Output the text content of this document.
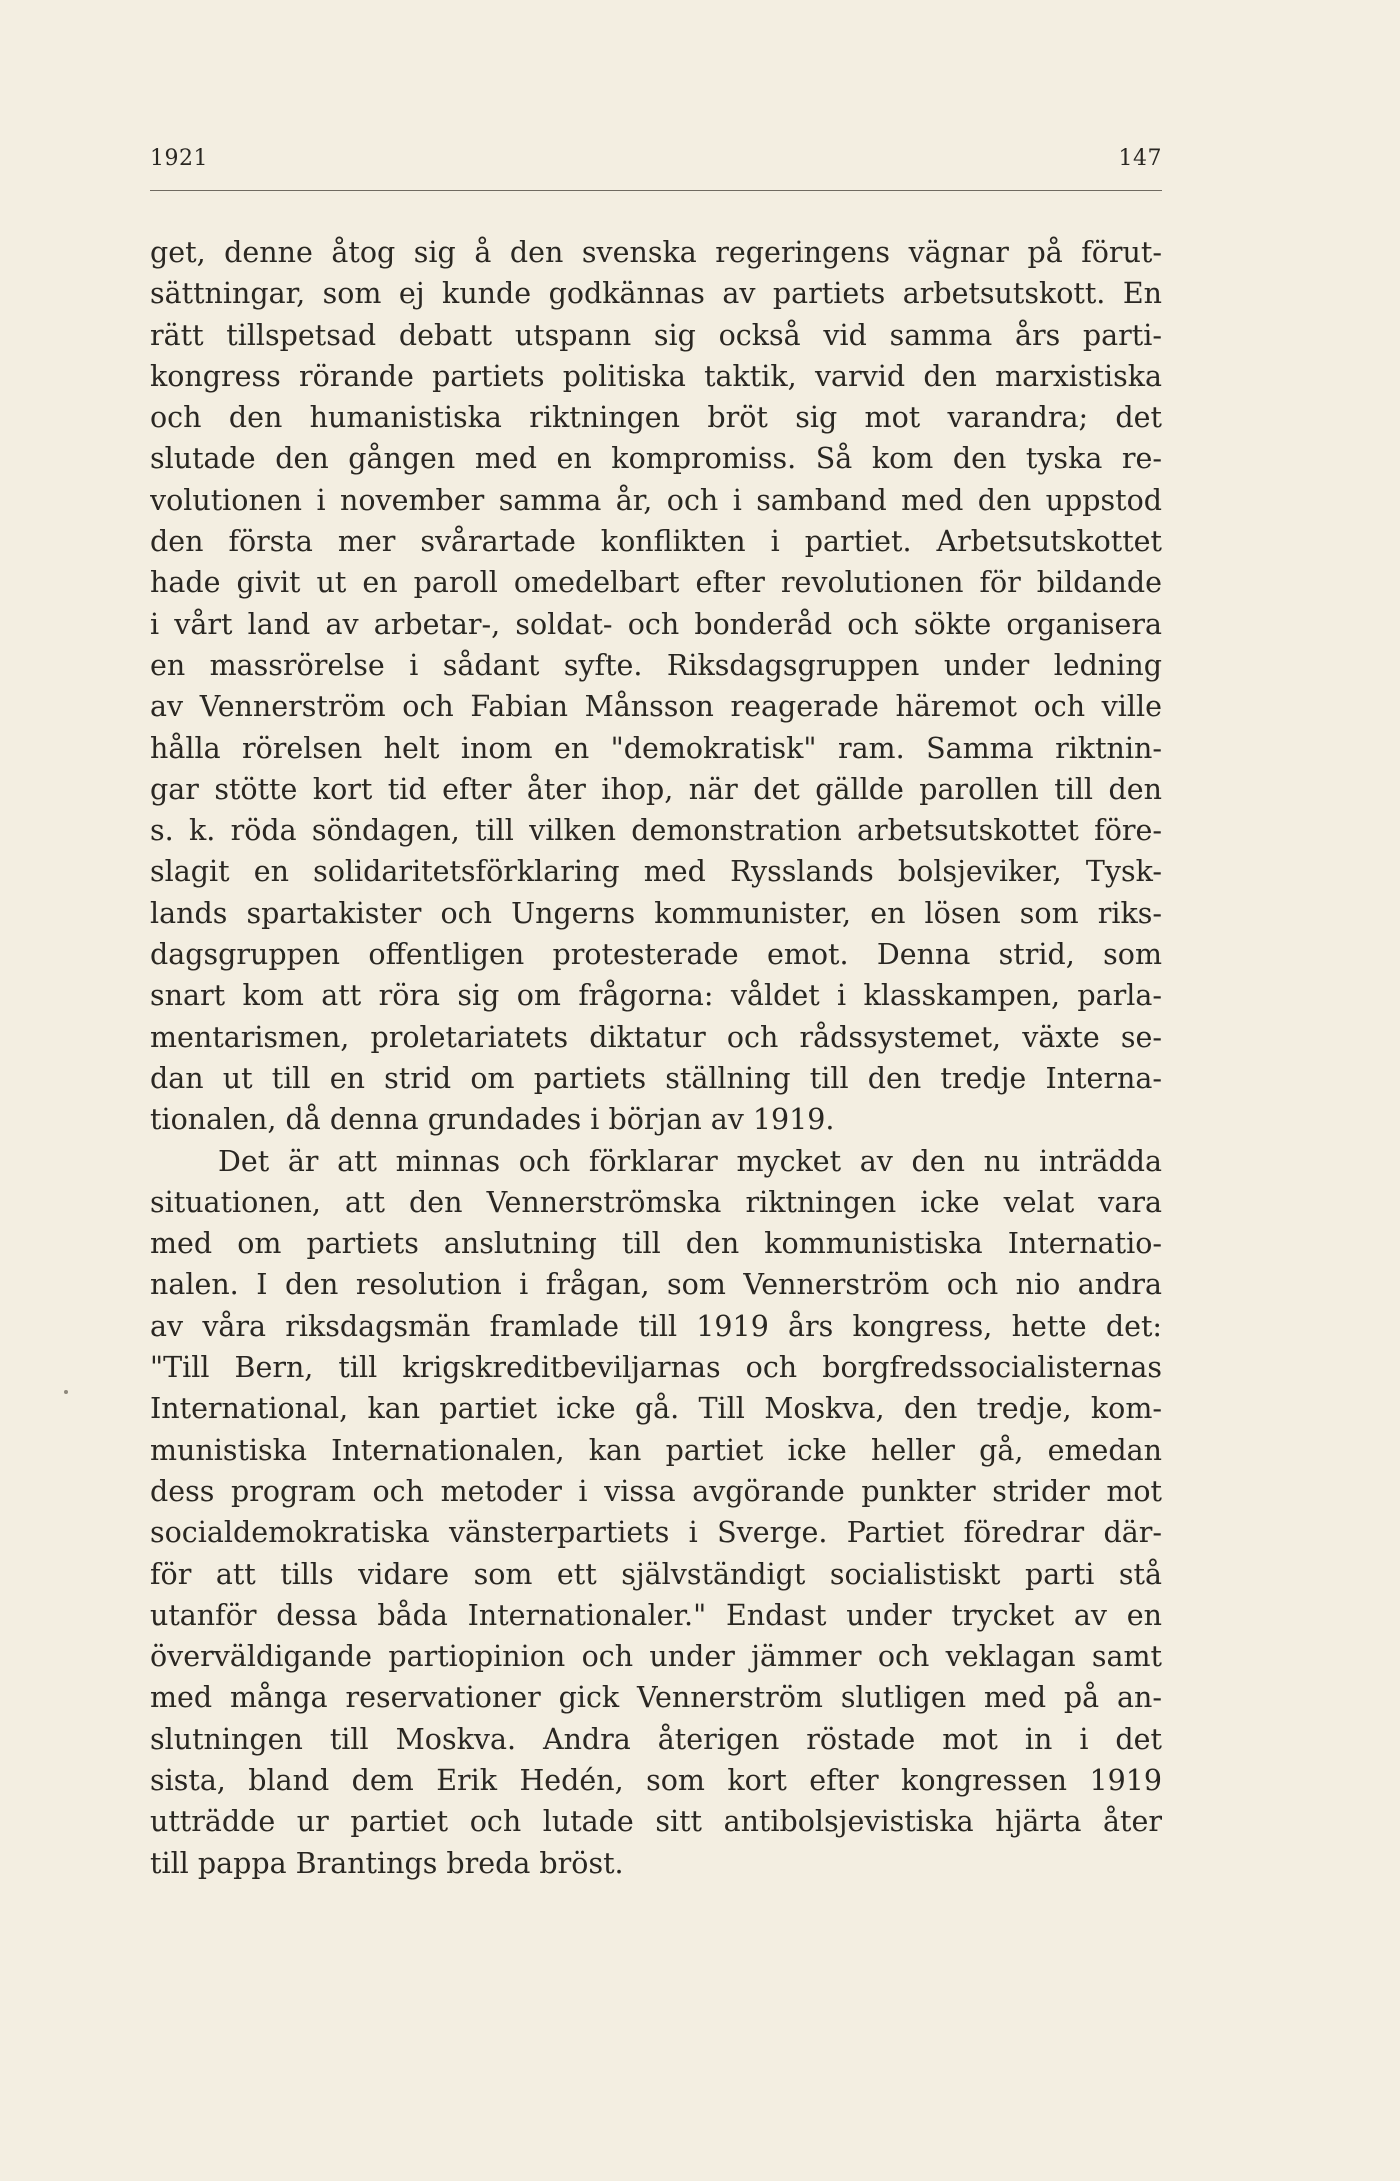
1921	147
get, denne åtog sig å den svenska regeringens vägnar på förut-
sättningar, som ej kunde godkännas av partiets arbetsutskott. En
rätt tillspetsad debatt utspann sig också vid samma års parti-
kongress rörande partiets politiska taktik, varvid den marxistiska
och den humanistiska riktningen bröt sig mot varandra; det
slutade den gången med en kompromiss. Så kom den tyska re-
volutionen i november samma år, och i samband med den uppstod
den första mer svårartade konflikten i partiet. Arbetsutskottet
hade givit ut en paroll omedelbart efter revolutionen för bildande
i vårt land av arbetar-, soldat- och bonderåd och sökte organisera
en massrörelse i sådant syfte. Riksdagsgruppen under ledning
av Vennerström och Fabian Månsson reagerade häremot och ville
hålla rörelsen helt inom en "demokratisk" ram. Samma riktnin-
gar stötte kort tid efter åter ihop, när det gällde parollen till den
s. k. röda söndagen, till vilken demonstration arbetsutskottet före-
slagit en solidaritetsförklaring med Rysslands bolsjeviker, Tysk-
lands spartakister och Ungerns kommunister, en lösen som riks-
dagsgruppen offentligen protesterade emot. Denna strid, som
snart kom att röra sig om frågorna: våldet i klasskampen, parla-
mentarismen, proletariatets diktatur och rådssystemet, växte se-
dan ut till en strid om partiets ställning till den tredje Interna-
tionalen, då denna grundades i början av 1919.
Det är att minnas och förklarar mycket av den nu inträdda
situationen, att den Vennerströmska riktningen icke velat vara
med om partiets anslutning till den kommunistiska Internatio-
nalen. I den resolution i frågan, som Vennerström och nio andra
av våra riksdagsmän framlade till 1919 års kongress, hette det:
"Till Bern, till krigskreditbeviljarnas och borgfredssocialisternas
International, kan partiet icke gå. Till Moskva, den tredje, kom-
munistiska Internationalen, kan partiet icke heller gå, emedan
dess program och metoder i vissa avgörande punkter strider mot
socialdemokratiska vänsterpartiets i Sverge. Partiet föredrar där-
för att tills vidare som ett självständigt socialistiskt parti stå
utanför dessa båda Internationaler." Endast under trycket av en
överväldigande partiopinion och under jämmer och veklagan samt
med många reservationer gick Vennerström slutligen med på an-
slutningen till Moskva. Andra återigen röstade mot in i det
sista, bland dem Erik Hedén, som kort efter kongressen 1919
utträdde ur partiet och lutade sitt antibolsjevistiska hjärta åter
till pappa Brantings breda bröst.
